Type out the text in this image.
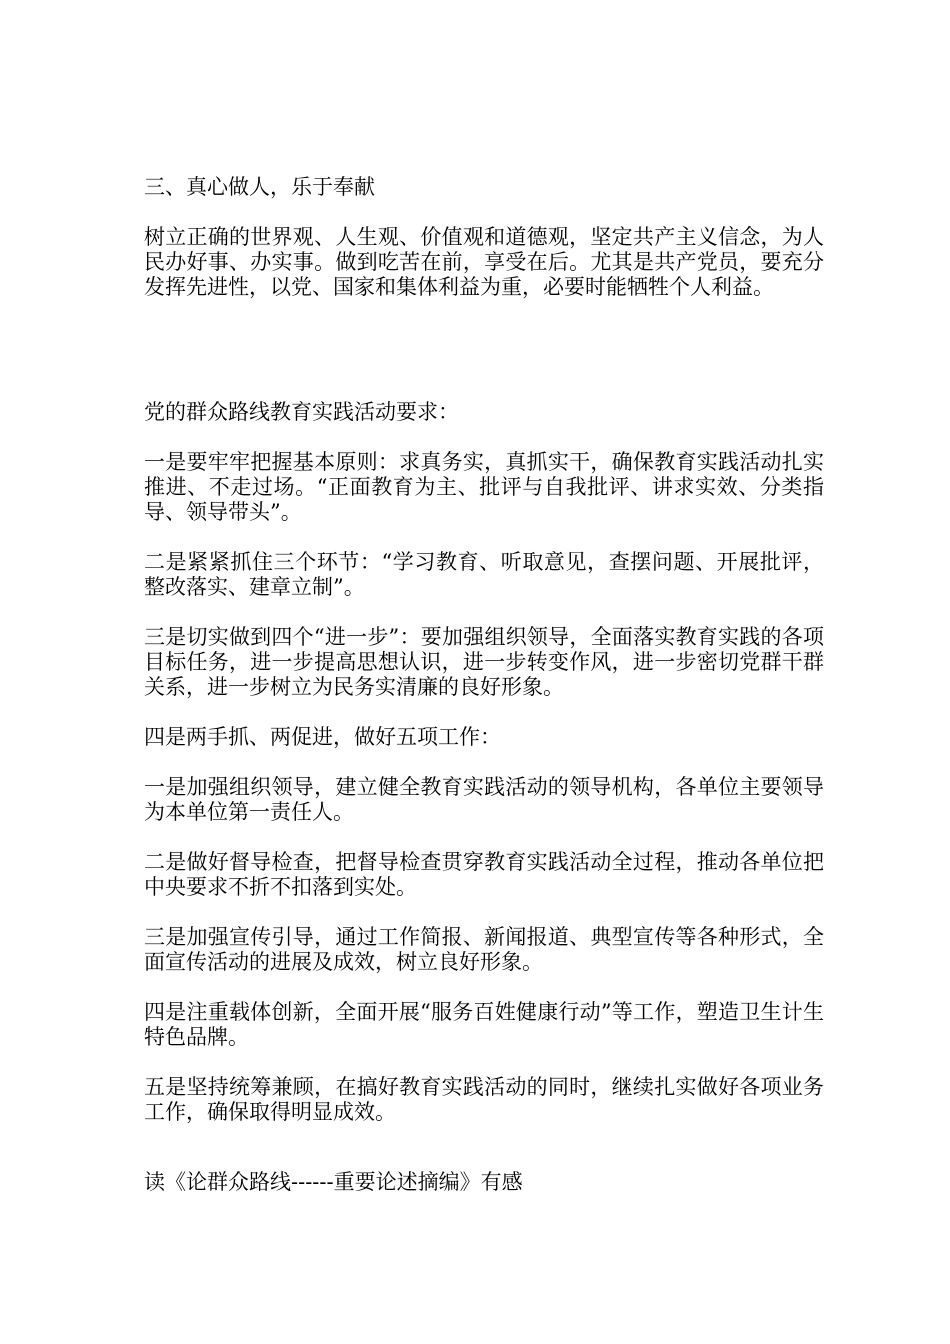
三、真心做人，乐于奉献

树立正确的世界观、人生观、价值观和道德观，坚定共产主义信念，为人民办好事、办实事。做到吃苦在前，享受在后。尤其是共产党员，要充分发挥先进性，以党、国家和集体利益为重，必要时能牺牲个人利益。

党的群众路线教育实践活动要求：

一是要牢牢把握基本原则：求真务实，真抓实干，确保教育实践活动扎实推进、不走过场。“正面教育为主、批评与自我批评、讲求实效、分类指导、领导带头”。

二是紧紧抓住三个环节：“学习教育、听取意见，查摆问题、开展批评，整改落实、建章立制”。

三是切实做到四个“进一步”：要加强组织领导，全面落实教育实践的各项目标任务，进一步提高思想认识，进一步转变作风，进一步密切党群干群关系，进一步树立为民务实清廉的良好形象。

四是两手抓、两促进，做好五项工作：

一是加强组织领导，建立健全教育实践活动的领导机构，各单位主要领导为本单位第一责任人。

二是做好督导检查，把督导检查贯穿教育实践活动全过程，推动各单位把中央要求不折不扣落到实处。

三是加强宣传引导，通过工作简报、新闻报道、典型宣传等各种形式，全面宣传活动的进展及成效，树立良好形象。

四是注重载体创新，全面开展“服务百姓健康行动”等工作，塑造卫生计生特色品牌。

五是坚持统筹兼顾，在搞好教育实践活动的同时，继续扎实做好各项业务工作，确保取得明显成效。

读《论群众路线------重要论述摘编》有感
